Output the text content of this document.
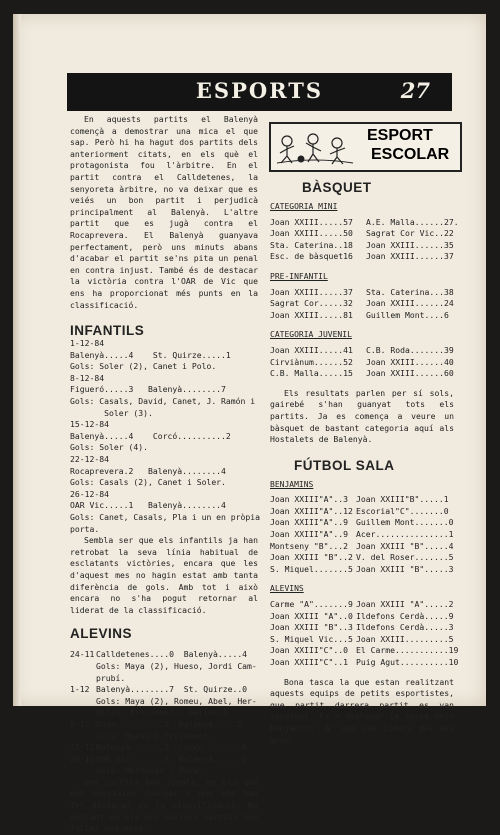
ESPORTS	27

En aquests partits el Balenyà començà a demostrar una mica el que sap. Però hi ha hagut dos partits dels anteriorment citats, en els què el protagonista fou l'àrbitre. En el partit contra el Calldetenes, la senyoreta àrbitre, no va deixar que es veiés un bon partit i perjudicà principalment al Balenyà. L'altre partit que es jugà contra el Rocaprevera. El Balenyà guanyava perfectament, però uns minuts abans d'acabar el partit se'ns pita un penal en contra injust. També és de destacar la victòria contra l'OAR de Vic que ens ha proporcionat més punts en la classificació.

INFANTILS
1-12-84
Balenyà.....4    St. Quirze.....1
Gols: Soler (2), Canet i Polo.
8-12-84
Figueró.....3   Balenyà........7
Gols: Casals, David, Canet, J. Ramón i
Soler (3).
15-12-84
Balenyà.....4    Corcó..........2
Gols: Soler (4).
22-12-84
Rocaprevera.2   Balenyà........4
Gols: Casals (2), Canet i Soler.
26-12-84
OAR Vic.....1   Balenyà........4
Gols: Canet, Casals, Pla i un en pròpia
porta.

Sembla ser que els infantils ja han retrobat la seva línia habitual de esclatants victòries, encara que les d'aquest mes no hagin estat amb tanta diferència de gols. Amb tot i això encara no s'ha pogut retornar al liderat de la classificació.

ALEVINS
24-11 Calldetenes....0  Balenyà.....4
Gols: Maya (2), Hueso, Jordi Cam-
prubí.
1-12 Balenyà........7  St. Quirze..0
Gols: Maya (2), Romeu, Abel, Her-
minio, Freixenet i Ballescà.
8-12 Roda..........0  Balenyà.....2
Gols: Hueso i Freixenet.
15-12 Balenyà.......0  Corcó........0
26-12 OAR Vic.......3  Balenyà......2
Gols: Herminio i Maya.

Uns partits bon jugats, en els que ens mereixien guanyar i que ens han fet destacar en la classificació. No obstant en els dos darrers partits hem fallat una mica.

ESPORT
ESCOLAR
BÀSQUET
CATEGORIA MINI
Joan XXIII.....57	A.E. Malla......27.
Joan XXIII.....50	Sagrat Cor Vic..22
Sta. Caterina..18	Joan XXIII......35
Esc. de bàsquet16	Joan XXIII......37
PRE-INFANTIL
Joan XXIII.....37	Sta. Caterina...38
Sagrat Cor.....32	Joan XXIII......24
Joan XXIII.....81	Guillem Mont....6
CATEGORIA JUVENIL
Joan XXIII.....41	C.B. Roda.......39
Cirviànum......52	Joan XXIII......40
C.B. Malla.....15	Joan XXIII......60

Els resultats parlen per sí sols, gairebé s'han guanyat tots els partits. Ja es comença a veure un bàsquet de bastant categoria aquí als Hostalets de Balenyà.

FÚTBOL SALA
BENJAMINS
Joan XXIII"A"..3 Joan XXIII"B".....1
Joan XXIII"A"..12 Escorial"C".......0
Joan XXIII"A"..9 Guillem Mont.......0
Joan XXIII"A"..9 Acer...............1
Montseny "B"...2 Joan XXIII "B".....4
Joan XXIII "B"..2 V. del Roser.......5
S. Miquel.......5 Joan XXIII "B".....3
ALEVINS
Carme "A".......9 Joan XXIII "A".....2
Joan XXIII "A"..0 Ildefons Cerdà.....9
Joan XXIII "B"..3 Ildefons Cerdà.....3
S. Miquel Vic...5 Joan XXIII.........5
Joan XXIII"C"..0 El Carme...........19
Joan XXIII"C"..1 Puig Agut..........10

Bona tasca la que estan realitzant aquests equips de petits esportistes, que partit darrera partit es van superant. Es a destacar la tasca dels benjamins "A" que van líders del seu grup.
